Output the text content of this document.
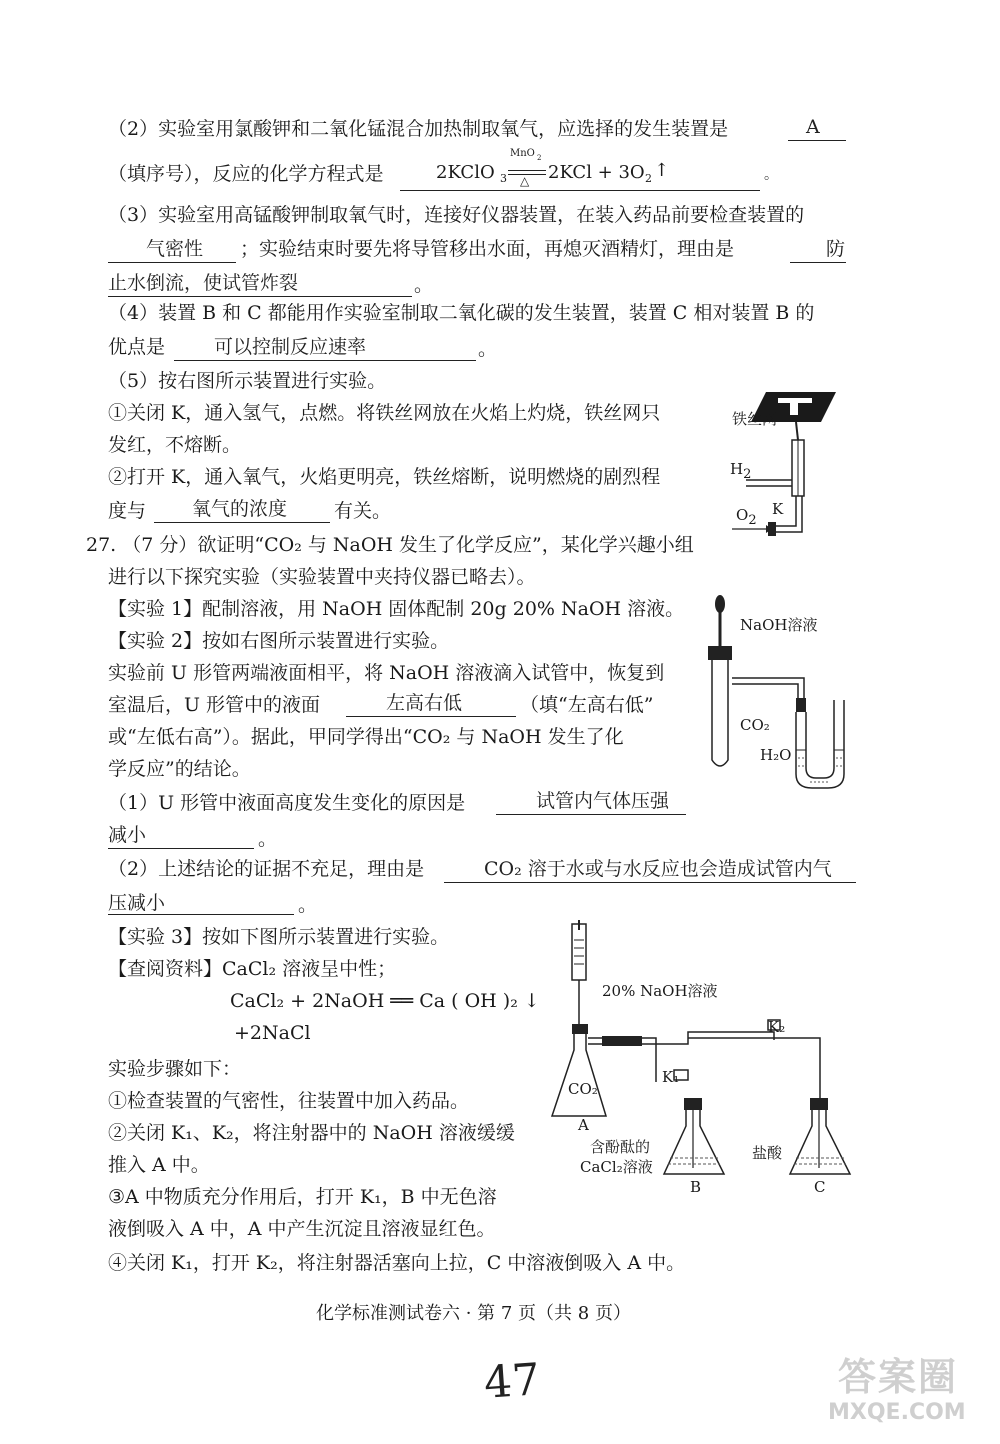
（2）实验室用氯酸钾和二氧化锰混合加热制取氧气，应选择的发生装置是	A
（填序号），反应的化学方程式是	2KClO 3
MnO 2
△ 2KCl + 3O 2 ↑	。
（3）实验室用高锰酸钾制取氧气时，连接好仪器装置，在装入药品前要检查装置的
气密性 ；实验结束时要先将导管移出水面，再熄灭酒精灯，理由是	防
止水倒流，使试管炸裂	。
（4）装置 B 和 C 都能用作实验室制取二氧化碳的发生装置，装置 C 相对装置 B 的
优点是	可以控制反应速率	。
（5）按右图所示装置进行实验。
①关闭 K，通入氢气，点燃。将铁丝网放在火焰上灼烧，铁丝网只
发红，不熔断。
②打开 K，通入氧气，火焰更明亮，铁丝熔断，说明燃烧的剧烈程
度与 氧气的浓度 有关。
铁丝网
$H_2$
$O_2$
K
27. （7 分）欲证明“CO₂ 与 NaOH 发生了化学反应”，某化学兴趣小组
进行以下探究实验（实验装置中夹持仪器已略去）。
【实验 1】配制溶液，用 NaOH 固体配制 20g 20% NaOH 溶液。
【实验 2】按如右图所示装置进行实验。
实验前 U 形管两端液面相平，将 NaOH 溶液滴入试管中，恢复到
室温后，U 形管中的液面	左高右低	（填“左高右低”
或“左低右高”）。据此，甲同学得出“CO₂ 与 NaOH 发生了化
学反应”的结论。
（1）U 形管中液面高度发生变化的原因是	试管内气体压强
减小	。
（2）上述结论的证据不充足，理由是	CO₂ 溶于水或与水反应也会造成试管内气
压减小	。
NaOH溶液
CO₂
H₂O
【实验 3】按如下图所示装置进行实验。
【查阅资料】CaCl₂ 溶液呈中性；
CaCl₂ + 2NaOH ══ Ca ( OH )₂ ↓
+2NaCl
实验步骤如下：
①检查装置的气密性，往装置中加入药品。
②关闭 K₁、K₂，将注射器中的 NaOH 溶液缓缓
推入 A 中。
③A 中物质充分作用后，打开 K₁，B 中无色溶
液倒吸入 A 中，A 中产生沉淀且溶液显红色。
④关闭 K₁，打开 K₂，将注射器活塞向上拉，C 中溶液倒吸入 A 中。
20% NaOH溶液
CO₂
A
K₁
K₂
含酚酞的
CaCl₂溶液
B
盐酸
C
化学标准测试卷六 · 第 7 页（共 8 页）
47	答案圈
MXQE.COM
